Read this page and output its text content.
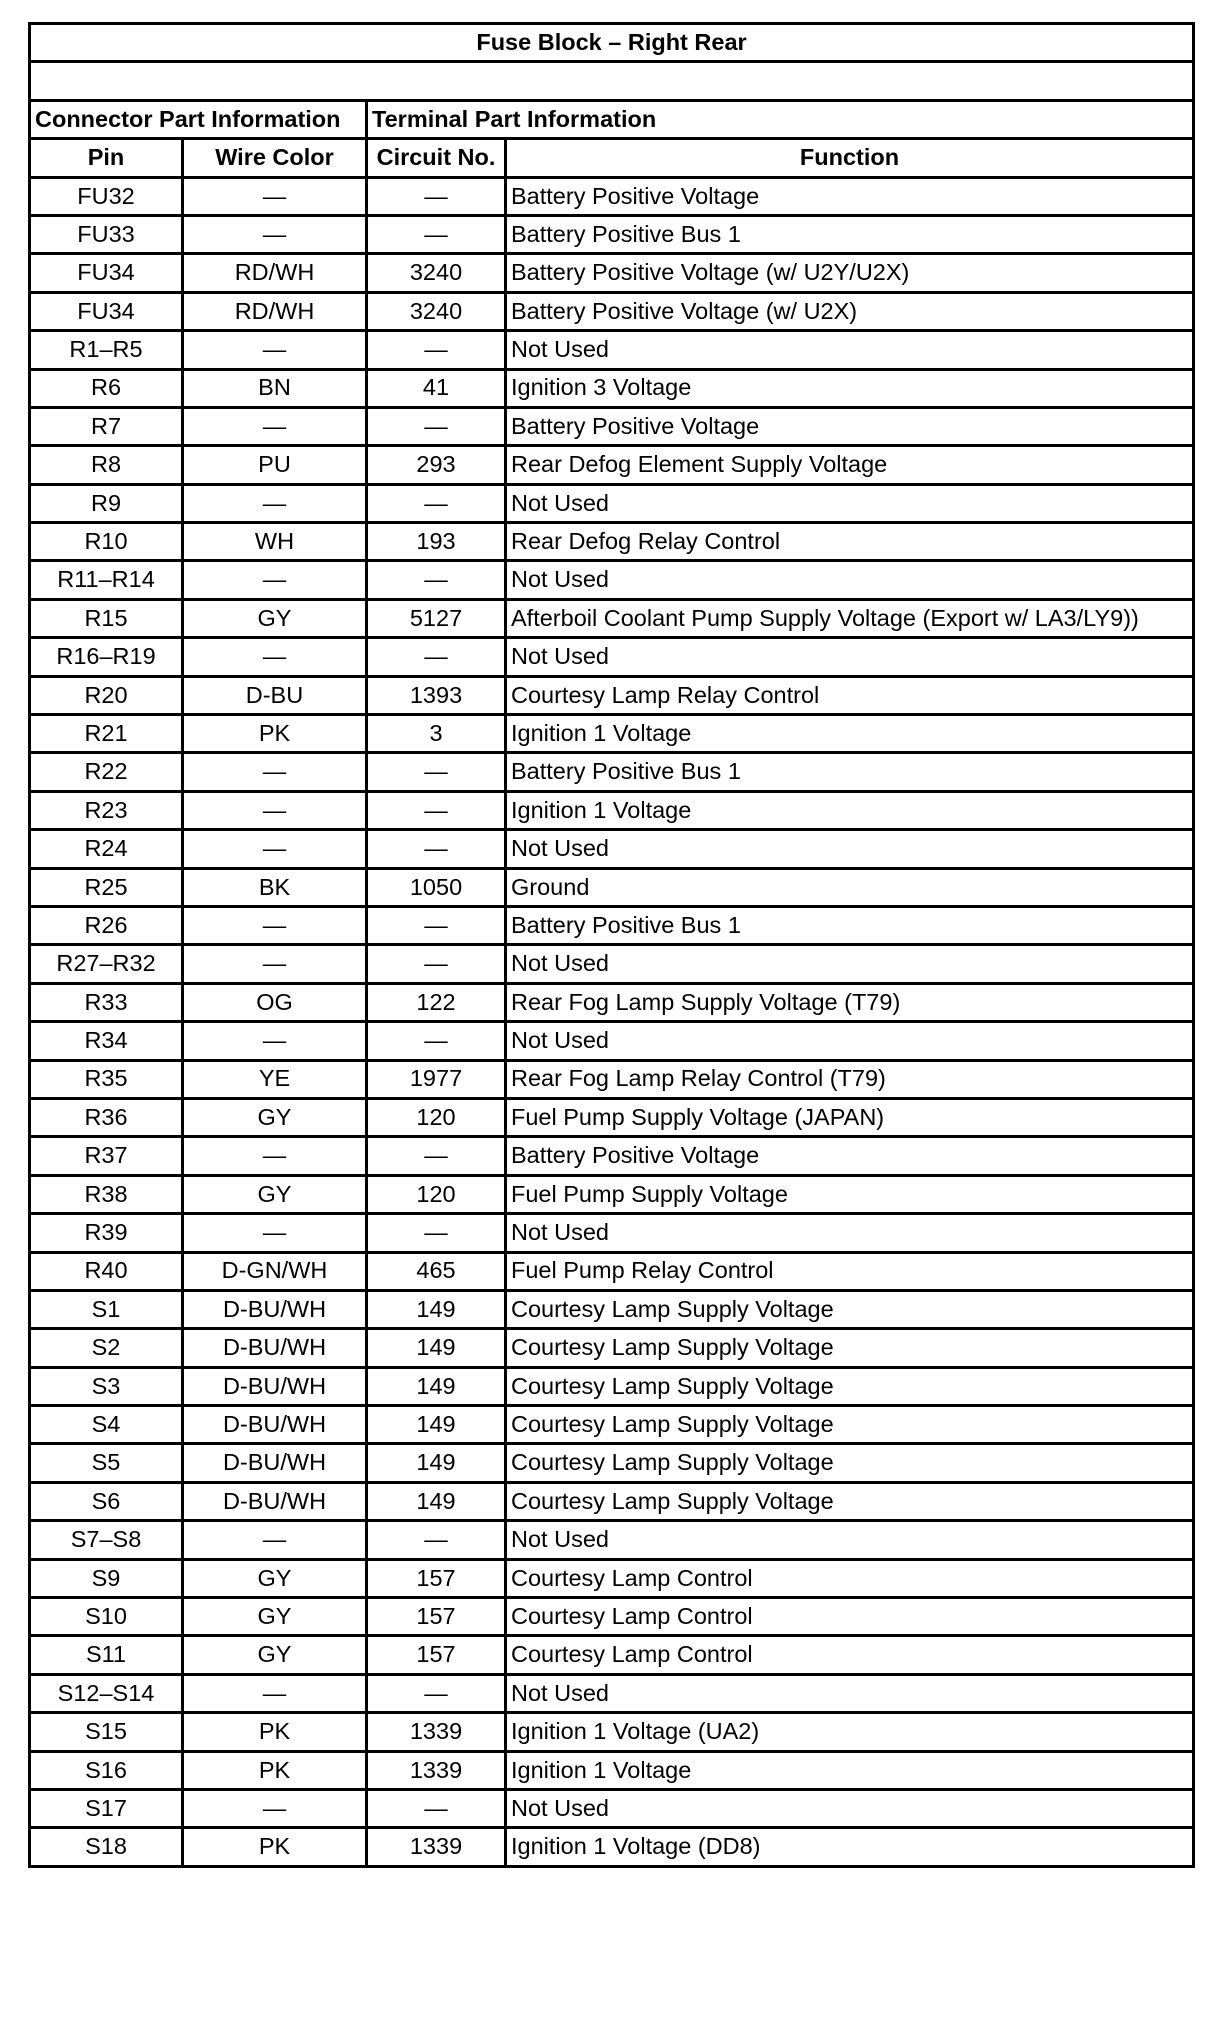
Fuse Block – Right Rear			

Connector Part Information		Terminal Part Information	
Pin	Wire Color	Circuit No.	Function
FU32	—	—	Battery Positive Voltage
FU33	—	—	Battery Positive Bus 1
FU34	RD/WH	3240	Battery Positive Voltage (w/ U2Y/U2X)
FU34	RD/WH	3240	Battery Positive Voltage (w/ U2X)
R1–R5	—	—	Not Used
R6	BN	41	Ignition 3 Voltage
R7	—	—	Battery Positive Voltage
R8	PU	293	Rear Defog Element Supply Voltage
R9	—	—	Not Used
R10	WH	193	Rear Defog Relay Control
R11–R14	—	—	Not Used
R15	GY	5127	Afterboil Coolant Pump Supply Voltage (Export w/ LA3/LY9))
R16–R19	—	—	Not Used
R20	D-BU	1393	Courtesy Lamp Relay Control
R21	PK	3	Ignition 1 Voltage
R22	—	—	Battery Positive Bus 1
R23	—	—	Ignition 1 Voltage
R24	—	—	Not Used
R25	BK	1050	Ground
R26	—	—	Battery Positive Bus 1
R27–R32	—	—	Not Used
R33	OG	122	Rear Fog Lamp Supply Voltage (T79)
R34	—	—	Not Used
R35	YE	1977	Rear Fog Lamp Relay Control (T79)
R36	GY	120	Fuel Pump Supply Voltage (JAPAN)
R37	—	—	Battery Positive Voltage
R38	GY	120	Fuel Pump Supply Voltage
R39	—	—	Not Used
R40	D-GN/WH	465	Fuel Pump Relay Control
S1	D-BU/WH	149	Courtesy Lamp Supply Voltage
S2	D-BU/WH	149	Courtesy Lamp Supply Voltage
S3	D-BU/WH	149	Courtesy Lamp Supply Voltage
S4	D-BU/WH	149	Courtesy Lamp Supply Voltage
S5	D-BU/WH	149	Courtesy Lamp Supply Voltage
S6	D-BU/WH	149	Courtesy Lamp Supply Voltage
S7–S8	—	—	Not Used
S9	GY	157	Courtesy Lamp Control
S10	GY	157	Courtesy Lamp Control
S11	GY	157	Courtesy Lamp Control
S12–S14	—	—	Not Used
S15	PK	1339	Ignition 1 Voltage (UA2)
S16	PK	1339	Ignition 1 Voltage
S17	—	—	Not Used
S18	PK	1339	Ignition 1 Voltage (DD8)
